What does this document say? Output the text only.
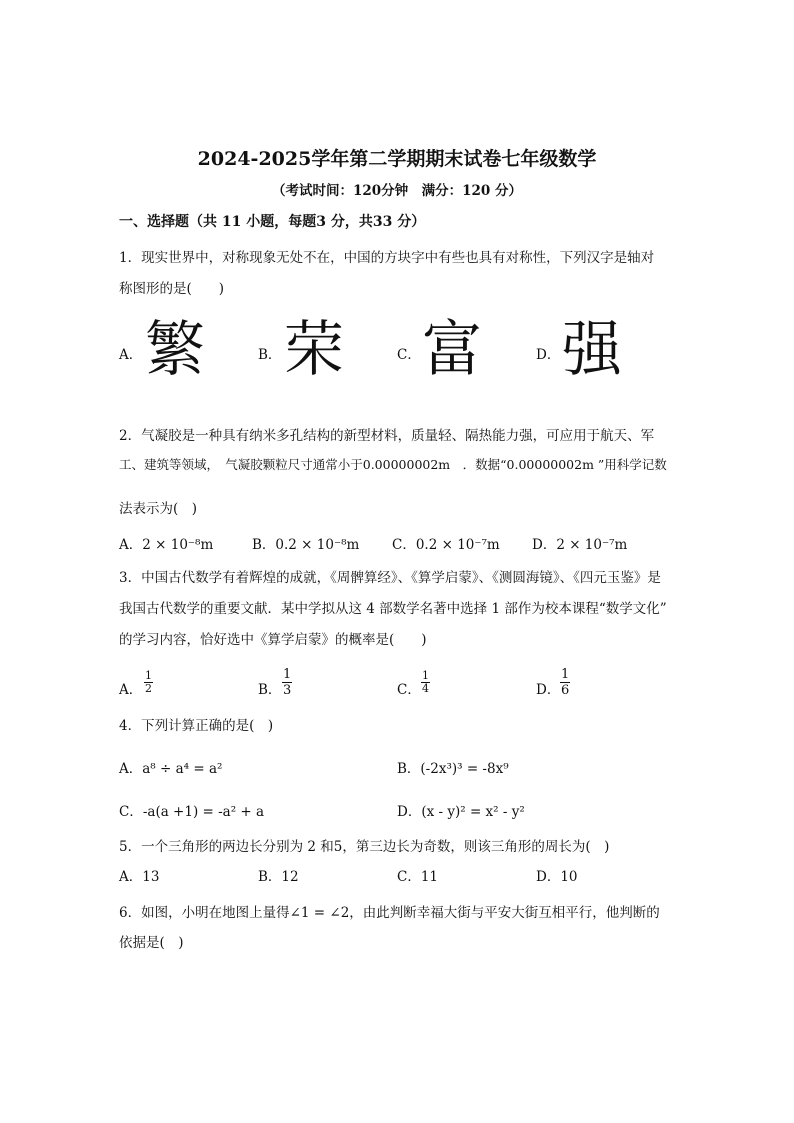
2024-2025学年第二学期期末试卷七年级数学
（考试时间：120分钟　满分：120 分）
一、选择题（共 11 小题，每题3 分，共33 分）
1．现实世界中，对称现象无处不在，中国的方块字中有些也具有对称性，下列汉字是轴对
称图形的是(　　)
A． 繁	B． 荣	C． 富	D． 强
2．气凝胶是一种具有纳米多孔结构的新型材料，质量轻、隔热能力强，可应用于航天、军
工、建筑等领域，　气凝胶颗粒尺寸通常小于0.00000002m　．数据“0.00000002m ”用科学记数
法表示为(　)
A．2 × 10⁻⁸m	B．0.2 × 10⁻⁸m C．0.2 × 10⁻⁷m D．2 × 10⁻⁷m
3．中国古代数学有着辉煌的成就，《周髀算经》、《算学启蒙》、《测圆海镜》、《四元玉鉴》是
我国古代数学的重要文献．某中学拟从这 4 部数学名著中选择 1 部作为校本课程“数学文化”
的学习内容，恰好选中《算学启蒙》的概率是(　　)
A． $\frac{1}{2}$	B． $\frac{1}{3}$	C． $\frac{1}{4}$	D． $\frac{1}{6}$
4．下列计算正确的是(　)
A．a⁸ ÷ a⁴ = a²	B．(-2x³)³ = -8x⁹
C．-a(a +1) = -a² + a	D．(x - y)² = x² - y²
5．一个三角形的两边长分别为 2 和5，第三边长为奇数，则该三角形的周长为(　)
A．13	B．12	C．11	D．10
6．如图，小明在地图上量得∠1 = ∠2，由此判断幸福大街与平安大街互相平行，他判断的
依据是(　)
